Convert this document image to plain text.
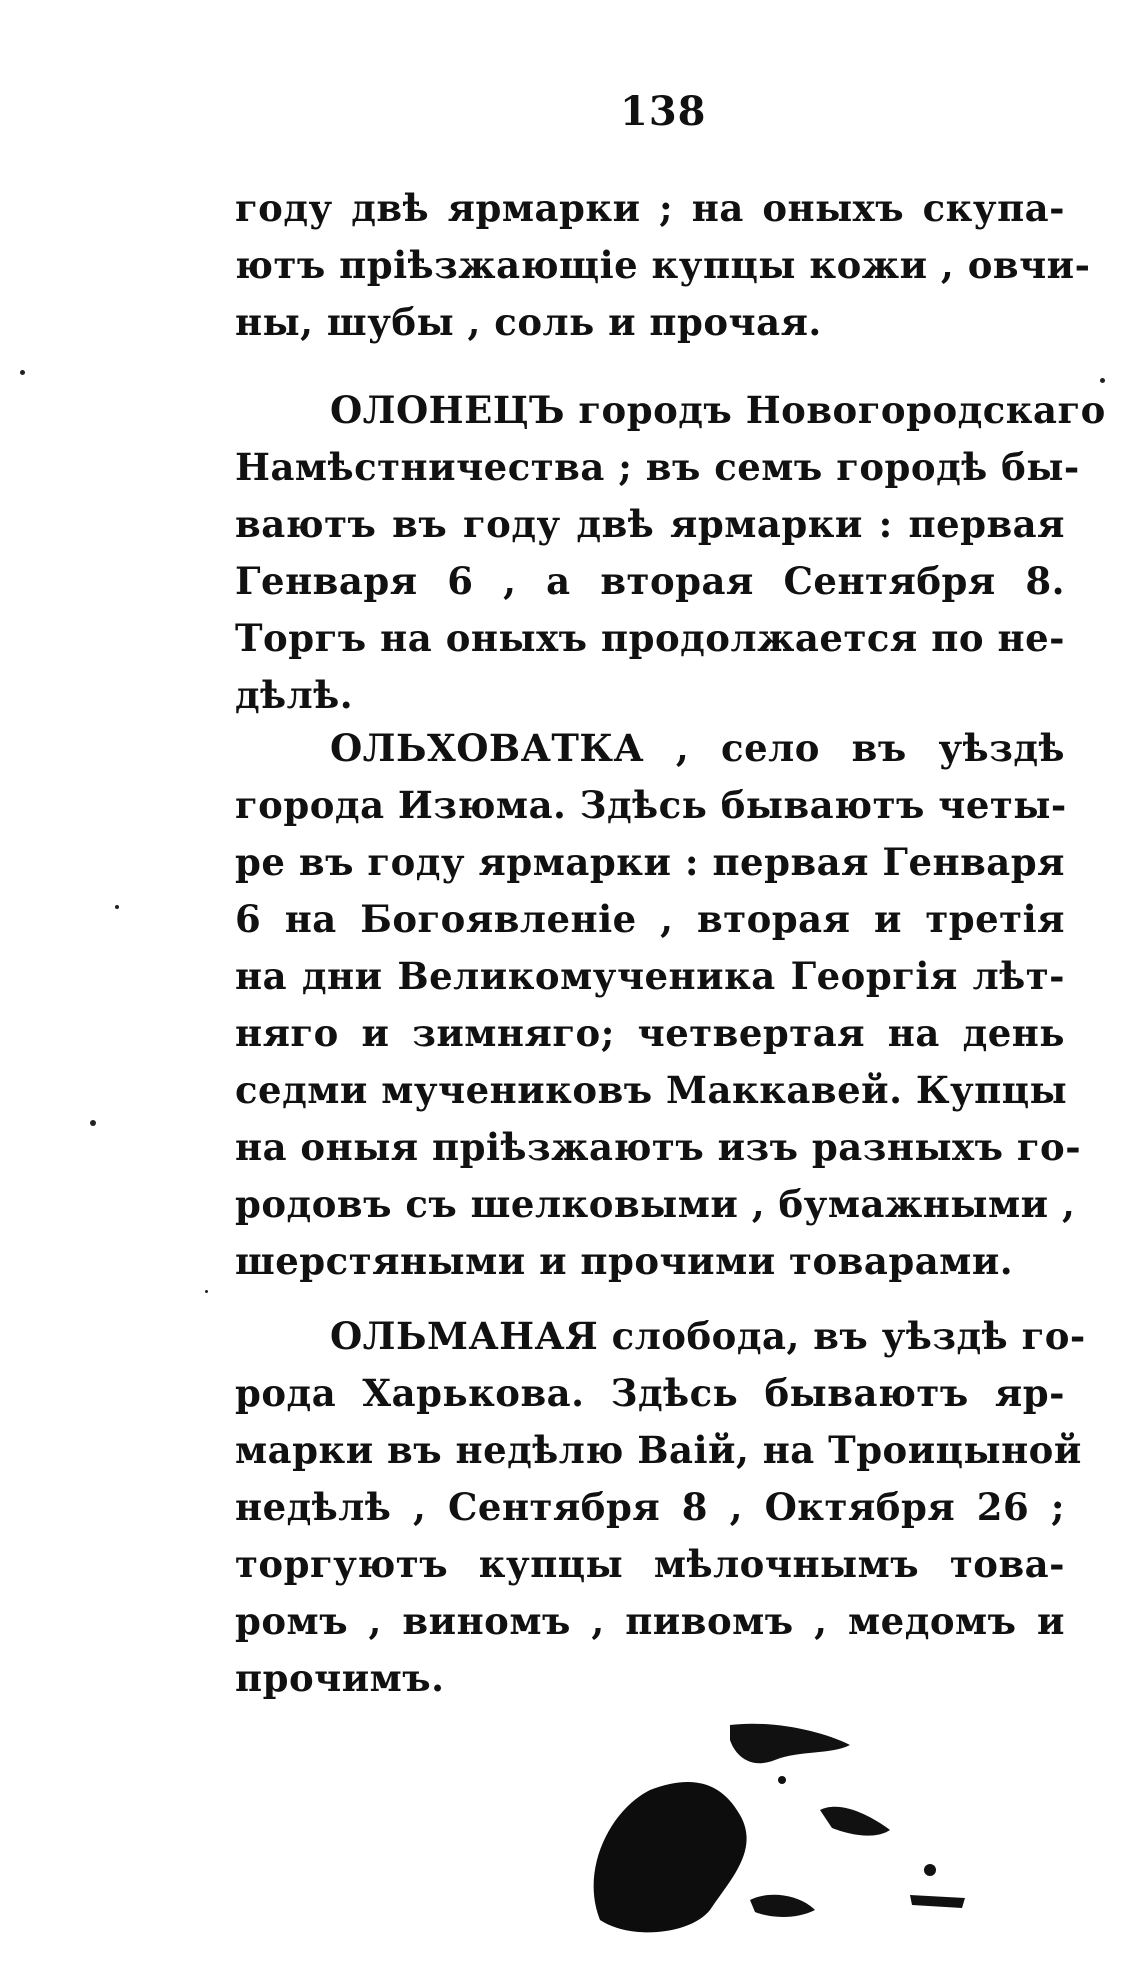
138
году двѣ ярмарки ; на оныхъ скупа-
ютъ пріѣзжающіе купцы кожи , овчи-
ны, шубы , соль и прочая.
ОЛОНЕЦЪ городъ Новогородскаго
Намѣстничества ; въ семъ городѣ бы-
ваютъ въ году двѣ ярмарки : первая
Генваря 6 , а вторая Сентября 8.
Торгъ на оныхъ продолжается по не-
дѣлѣ.
ОЛЬХОВАТКА , село въ уѣздѣ
города Изюма. Здѣсь бываютъ четы-
ре въ году ярмарки : первая Генваря
6 на Богоявленіе , вторая и третія
на дни Великомученика Георгія лѣт-
няго и зимняго; четвертая на день
седми мучениковъ Маккавей. Купцы
на оныя пріѣзжаютъ изъ разныхъ го-
родовъ съ шелковыми , бумажными ,
шерстяными и прочими товарами.
ОЛЬМАНАЯ слобода, въ уѣздѣ го-
рода Харькова. Здѣсь бываютъ яр-
марки въ недѣлю Ваій, на Троицыной
недѣлѣ , Сентября 8 , Октября 26 ;
торгуютъ купцы мѣлочнымъ това-
ромъ , виномъ , пивомъ , медомъ и
прочимъ.
